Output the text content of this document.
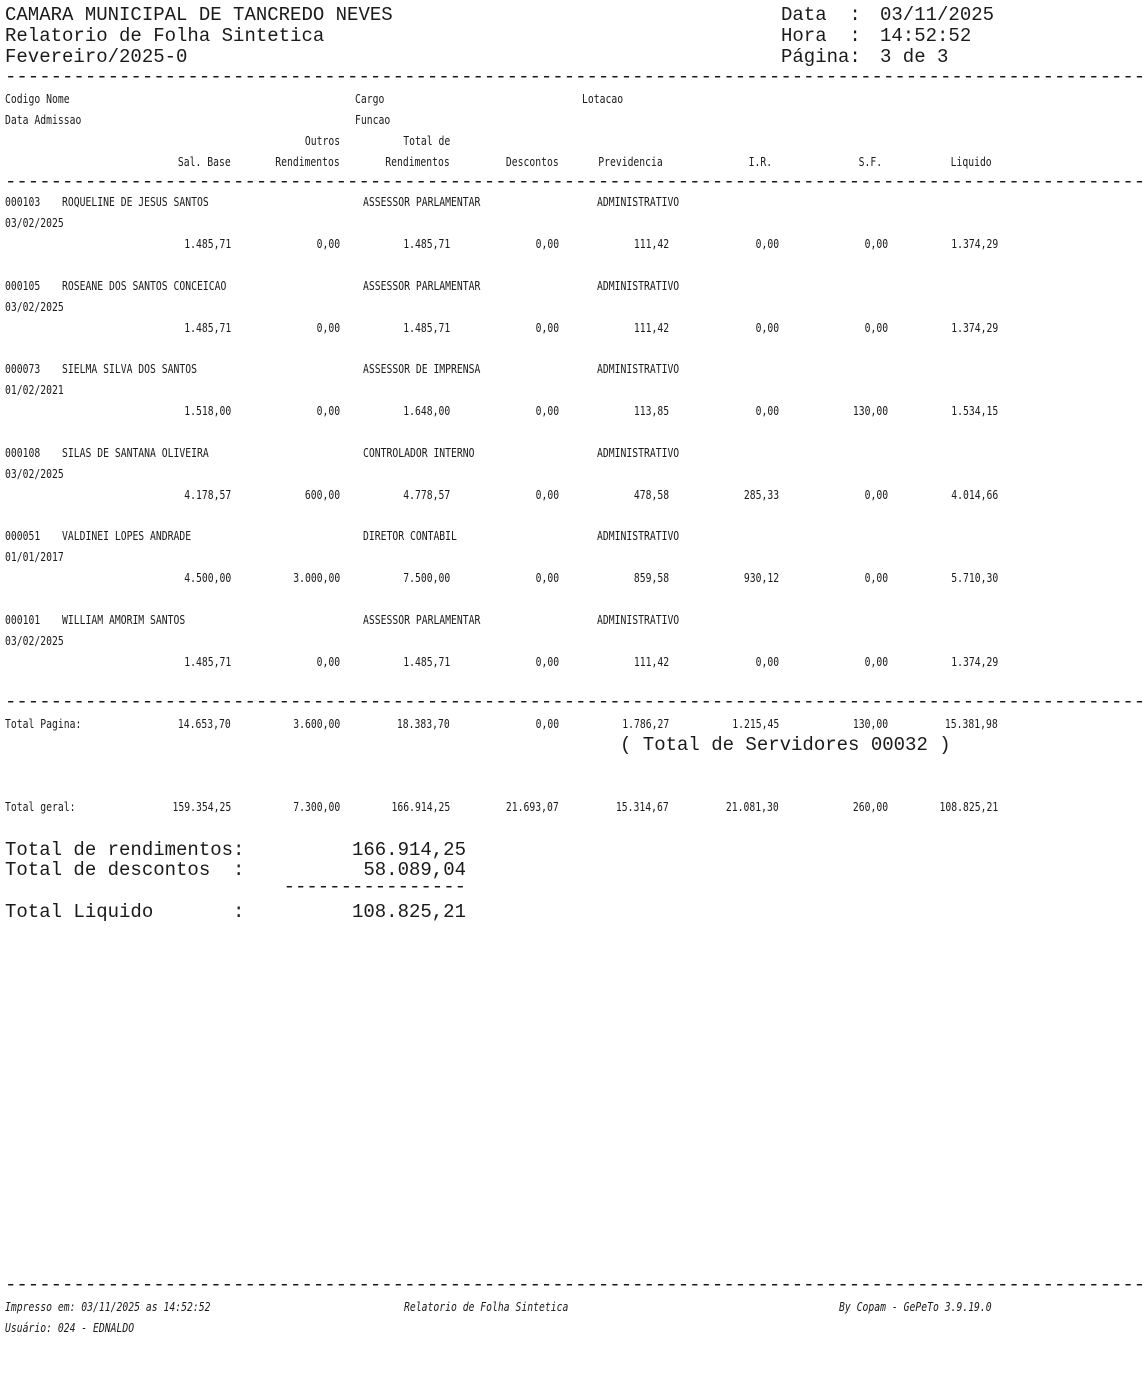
CAMARA MUNICIPAL DE TANCREDO NEVES
Relatorio de Folha Sintetica
Fevereiro/2025-0
Data  : 03/11/2025
Hora  : 14:52:52
Página: 3 de 3
----------------------------------------------------------------------------------------------------
Codigo Nome	Cargo	Lotacao
Data Admissao	Funcao
Outros	Total de
Sal. Base	Rendimentos	Rendimentos	Descontos	Previdencia	I.R.	S.F.	Liquido
----------------------------------------------------------------------------------------------------
000103 ROQUELINE DE JESUS SANTOS	ASSESSOR PARLAMENTAR	ADMINISTRATIVO
03/02/2025
1.485,71	0,00	1.485,71	0,00	111,42	0,00	0,00	1.374,29
000105 ROSEANE DOS SANTOS CONCEICAO	ASSESSOR PARLAMENTAR	ADMINISTRATIVO
03/02/2025
1.485,71	0,00	1.485,71	0,00	111,42	0,00	0,00	1.374,29
000073 SIELMA SILVA DOS SANTOS	ASSESSOR DE IMPRENSA	ADMINISTRATIVO
01/02/2021
1.518,00	0,00	1.648,00	0,00	113,85	0,00	130,00	1.534,15
000108 SILAS DE SANTANA OLIVEIRA	CONTROLADOR INTERNO	ADMINISTRATIVO
03/02/2025
4.178,57	600,00	4.778,57	0,00	478,58	285,33	0,00	4.014,66
000051 VALDINEI LOPES ANDRADE	DIRETOR CONTABIL	ADMINISTRATIVO
01/01/2017
4.500,00	3.000,00	7.500,00	0,00	859,58	930,12	0,00	5.710,30
000101 WILLIAM AMORIM SANTOS	ASSESSOR PARLAMENTAR	ADMINISTRATIVO
03/02/2025
1.485,71	0,00	1.485,71	0,00	111,42	0,00	0,00	1.374,29
----------------------------------------------------------------------------------------------------
Total Pagina:	14.653,70	3.600,00	18.383,70	0,00	1.786,27	1.215,45	130,00	15.381,98
( Total de Servidores 00032 )
Total geral:	159.354,25	7.300,00	166.914,25	21.693,07	15.314,67	21.081,30	260,00	108.825,21
Total de rendimentos:	166.914,25
Total de descontos  :	58.089,04
----------------
Total Liquido       :	108.825,21
----------------------------------------------------------------------------------------------------
Impresso em: 03/11/2025 as 14:52:52	Relatorio de Folha Sintetica	By Copam - GePeTo 3.9.19.0
Usuário: 024 - EDNALDO
